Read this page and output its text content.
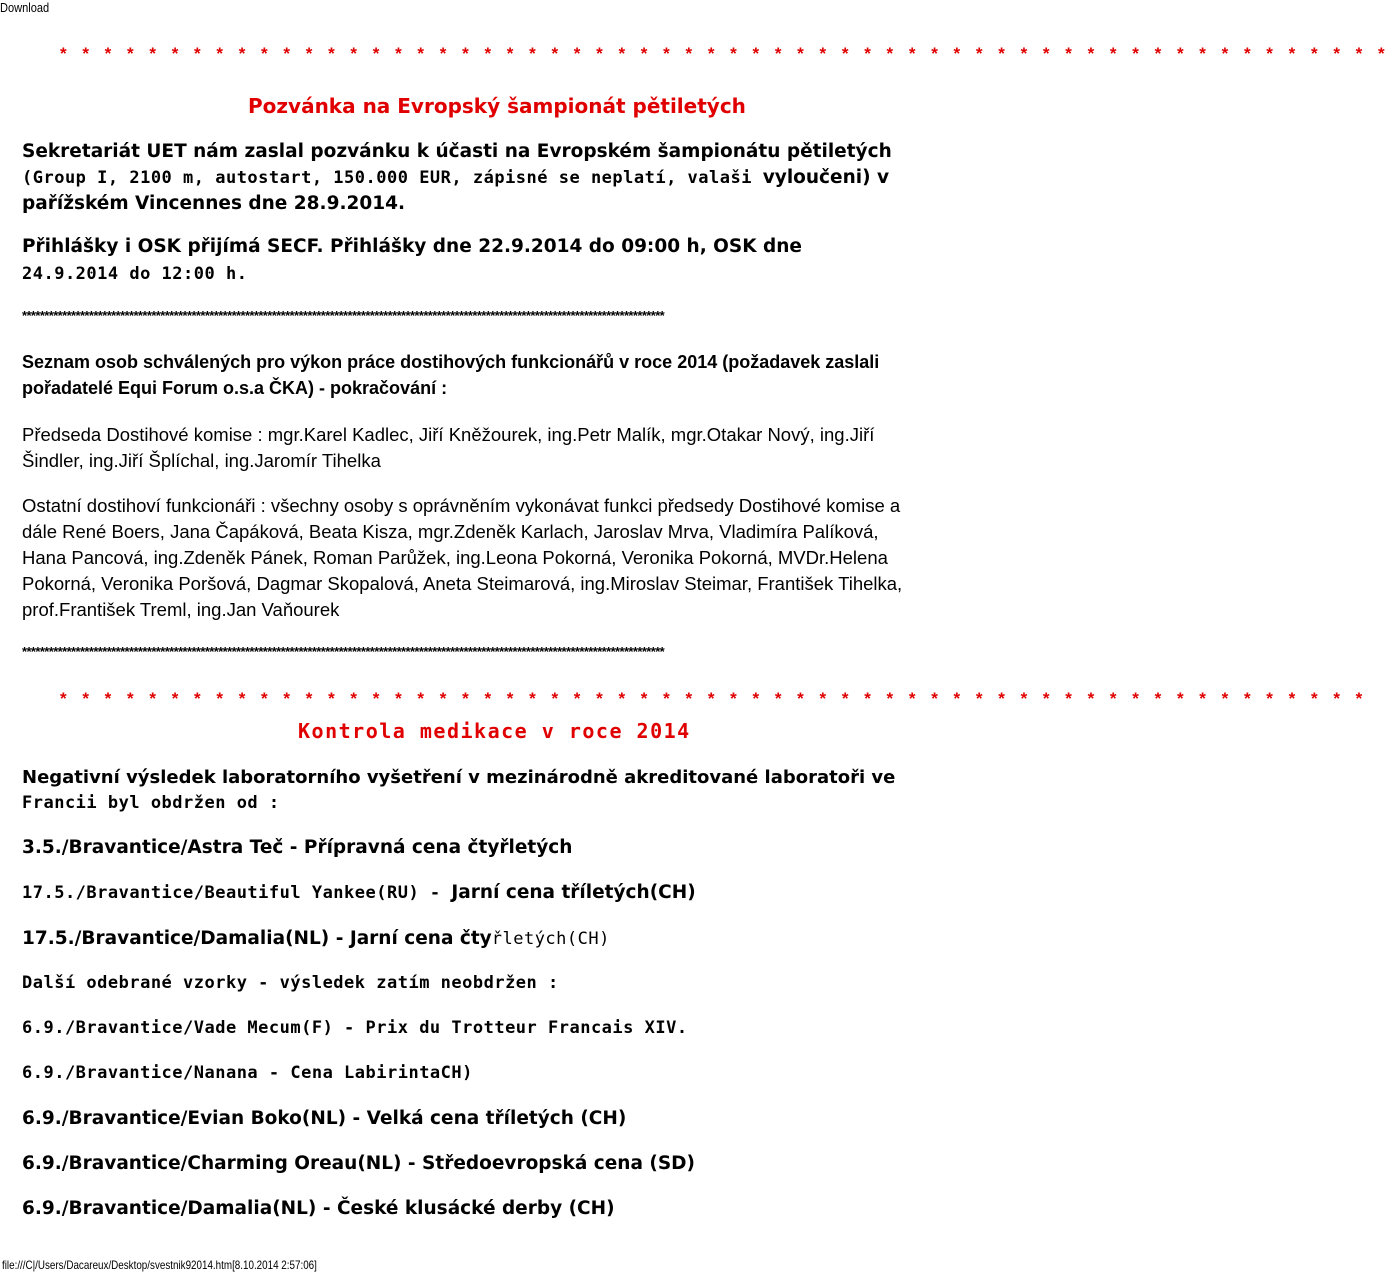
Download
* * * * * * * * * * * * * * * * * * * * * * * * * * * * * * * * * * * * * * * * * * * * * * * * * * * * * * * * * * * *
Pozvánka na Evropský šampionát pětiletých
Sekretariát UET nám zaslal pozvánku k účasti na Evropském šampionátu pětiletých
(Group I, 2100 m, autostart, 150.000 EUR, zápisné se neplatí, valaši vyloučeni) v
pařížském Vincennes dne 28.9.2014.
Přihlášky i OSK přijímá SECF. Přihlášky dne 22.9.2014 do 09:00 h, OSK dne
24.9.2014 do 12:00 h.
************************************************************************************************************************************************
Seznam osob schválených pro výkon práce dostihových funkcionářů v roce 2014 (požadavek zaslali
pořadatelé Equi Forum o.s.a ČKA) - pokračování :
Předseda Dostihové komise : mgr.Karel Kadlec, Jiří Kněžourek, ing.Petr Malík, mgr.Otakar Nový, ing.Jiří
Šindler, ing.Jiří Šplíchal, ing.Jaromír Tihelka
Ostatní dostihoví funkcionáři : všechny osoby s oprávněním vykonávat funkci předsedy Dostihové komise a
dále René Boers, Jana Čapáková, Beata Kisza, mgr.Zdeněk Karlach, Jaroslav Mrva, Vladimíra Palíková,
Hana Pancová, ing.Zdeněk Pánek, Roman Parůžek, ing.Leona Pokorná, Veronika Pokorná, MVDr.Helena
Pokorná, Veronika Poršová, Dagmar Skopalová, Aneta Steimarová, ing.Miroslav Steimar, František Tihelka,
prof.František Treml, ing.Jan Vaňourek
************************************************************************************************************************************************
* * * * * * * * * * * * * * * * * * * * * * * * * * * * * * * * * * * * * * * * * * * * * * * * * * * * * * * * * * *
Kontrola medikace v roce 2014
Negativní výsledek laboratorního vyšetření v mezinárodně akreditované laboratoři ve
Francii byl obdržen od :
3.5./Bravantice/Astra Teč - Přípravná cena čtyřletých
17.5./Bravantice/Beautiful Yankee(RU) - Jarní cena tříletých(CH)
17.5./Bravantice/Damalia(NL) - Jarní cena čtyřletých(CH)
Další odebrané vzorky - výsledek zatím neobdržen :
6.9./Bravantice/Vade Mecum(F) - Prix du Trotteur Francais XIV.
6.9./Bravantice/Nanana - Cena LabirintaCH)
6.9./Bravantice/Evian Boko(NL) - Velká cena tříletých (CH)
6.9./Bravantice/Charming Oreau(NL) - Středoevropská cena (SD)
6.9./Bravantice/Damalia(NL) - České klusácké derby (CH)
file:///C|/Users/Dacareux/Desktop/svestnik92014.htm[8.10.2014 2:57:06]
